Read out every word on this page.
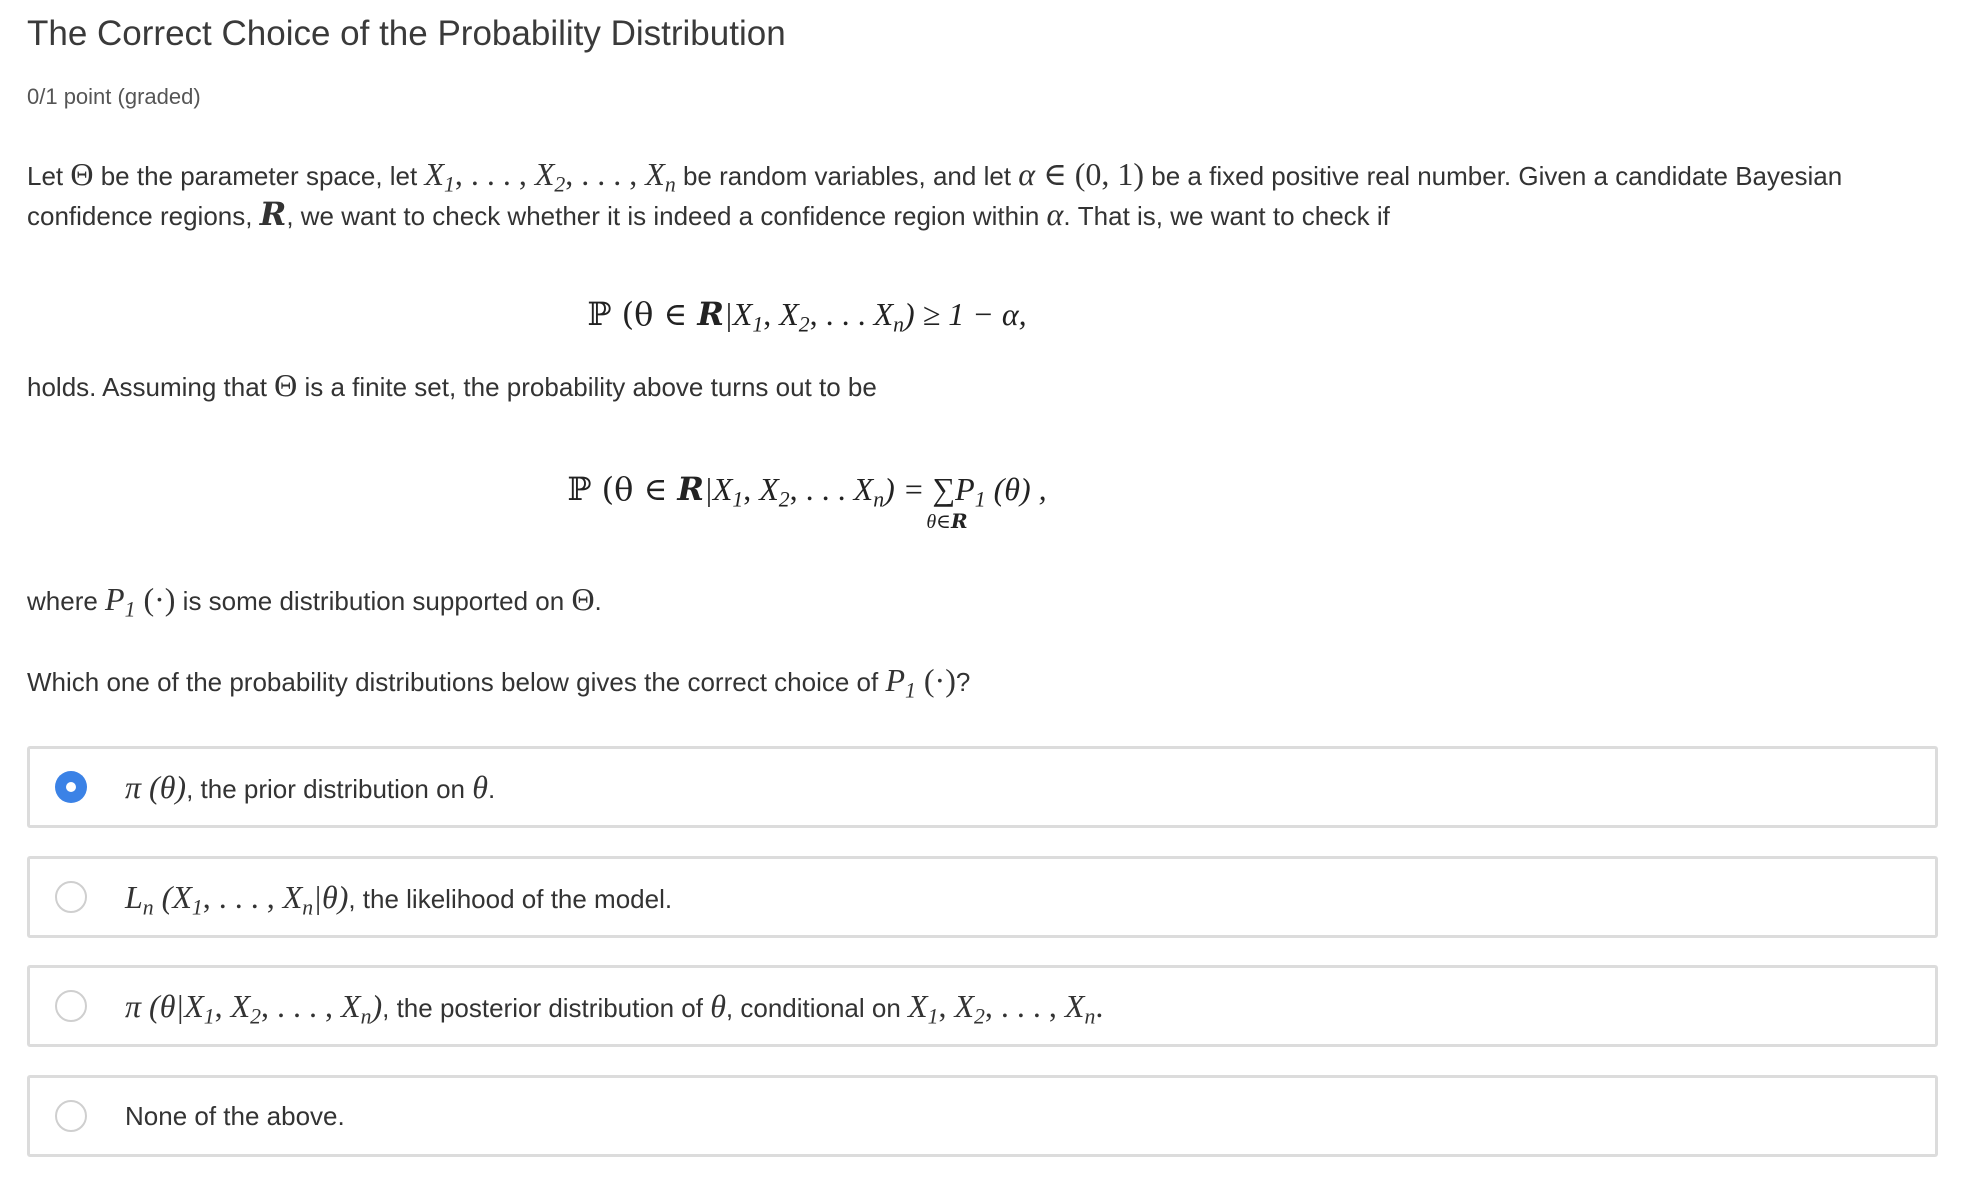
The Correct Choice of the Probability Distribution
0/1 point (graded)
Let Θ be the parameter space, let $X_1$, . . . , $X_2$, . . . , $X_n$ be random variables, and let α ∈ (0, 1) be a fixed positive real number. Given a candidate Bayesian confidence regions, R, we want to check whether it is indeed a confidence region within α. That is, we want to check if
ℙ (θ ∈ $R|X_1$, $X_2$, . . . $X_n) \ge 1 - \alpha$,
holds. Assuming that Θ is a finite set, the probability above turns out to be
ℙ (θ ∈ $R|X_1$, $X_2$, . . . $X_n$) = ∑
θ∈R
$P_1$ (θ) ,
where $P_1$ (·) is some distribution supported on Θ.
Which one of the probability distributions below gives the correct choice of $P_1$ (·)?
π (θ), the prior distribution on θ.
$L_n$ ($X_1$, . . . , $X_n|\theta$), the likelihood of the model.
π ($\theta|X_1$, $X_2$, . . . , $X_n$), the posterior distribution of θ, conditional on $X_1$, $X_2$, . . . , $X_n$.
None of the above.
